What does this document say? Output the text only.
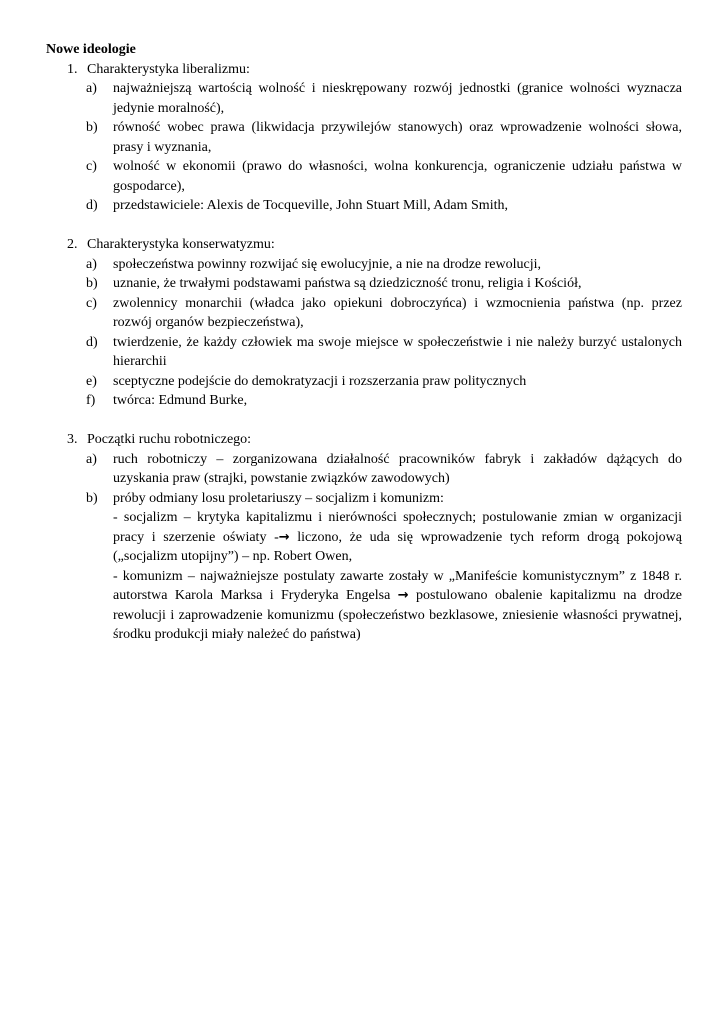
Nowe ideologie

1. Charakterystyka liberalizmu:
a) najważniejszą wartością wolność i nieskrępowany rozwój jednostki (granice wolności wyznacza jedynie moralność),
b) równość wobec prawa (likwidacja przywilejów stanowych) oraz wprowadzenie wolności słowa, prasy i wyznania,
c) wolność w ekonomii (prawo do własności, wolna konkurencja, ograniczenie udziału państwa w gospodarce),
d) przedstawiciele: Alexis de Tocqueville, John Stuart Mill, Adam Smith,
2. Charakterystyka konserwatyzmu:
a) społeczeństwa powinny rozwijać się ewolucyjnie, a nie na drodze rewolucji,
b) uznanie, że trwałymi podstawami państwa są dziedziczność tronu, religia i Kościół,
c) zwolennicy monarchii (władca jako opiekuni dobroczyńca) i wzmocnienia państwa (np. przez rozwój organów bezpieczeństwa),
d) twierdzenie, że każdy człowiek ma swoje miejsce w społeczeństwie i nie należy burzyć ustalonych hierarchii
e) sceptyczne podejście do demokratyzacji i rozszerzania praw politycznych
f) twórca: Edmund Burke,
3. Początki ruchu robotniczego:
a) ruch robotniczy – zorganizowana działalność pracowników fabryk i zakładów dążących do uzyskania praw (strajki, powstanie związków zawodowych)
b) próby odmiany losu proletariuszy – socjalizm i komunizm:
- socjalizm – krytyka kapitalizmu i nierówności społecznych; postulowanie zmian w organizacji pracy i szerzenie oświaty -→ liczono, że uda się wprowadzenie tych reform drogą pokojową („socjalizm utopijny”) – np. Robert Owen,
- komunizm – najważniejsze postulaty zawarte zostały w „Manifeście komunistycznym” z 1848 r. autorstwa Karola Marksa i Fryderyka Engelsa → postulowano obalenie kapitalizmu na drodze rewolucji i zaprowadzenie komunizmu (społeczeństwo bezklasowe, zniesienie własności prywatnej, środku produkcji miały należeć do państwa)
